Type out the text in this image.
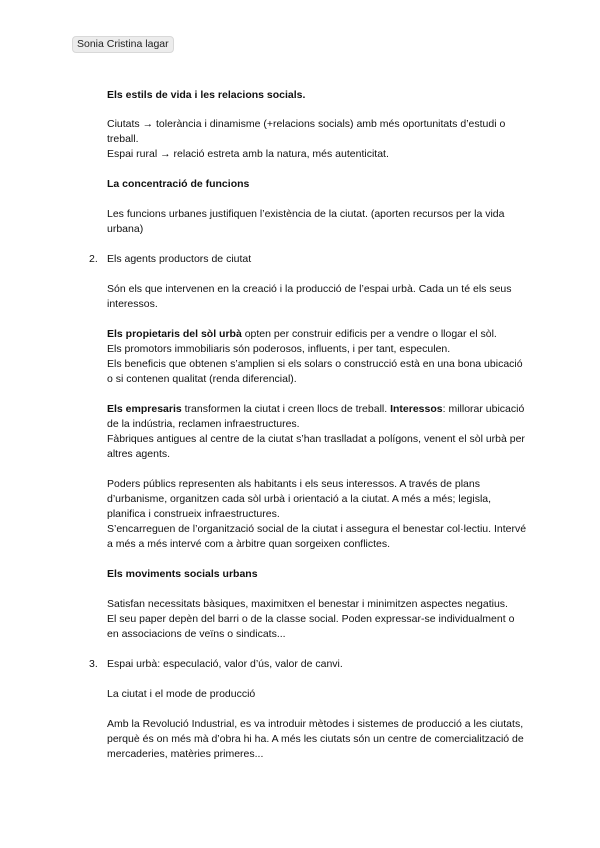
Sonia Cristina lagar

Els estils de vida i les relacions socials.

Ciutats → tolerància i dinamisme (+relacions socials) amb més oportunitats d’estudi o treball.

Espai rural → relació estreta amb la natura, més autenticitat.

La concentració de funcions

Les funcions urbanes justifiquen l’existència de la ciutat. (aporten recursos per la vida urbana)

2. Els agents productors de ciutat

Són els que intervenen en la creació i la producció de l’espai urbà. Cada un té els seus interessos.

Els propietaris del sòl urbà opten per construir edificis per a vendre o llogar el sòl.

Els promotors immobiliaris són poderosos, influents, i per tant, especulen.

Els beneficis que obtenen s’amplien si els solars o construcció està en una bona ubicació o si contenen qualitat (renda diferencial).

Els empresaris transformen la ciutat i creen llocs de treball. Interessos: millorar ubicació de la indústria, reclamen infraestructures.

Fàbriques antigues al centre de la ciutat s’han traslladat a polígons, venent el sòl urbà per altres agents.

Poders públics representen als habitants i els seus interessos. A través de plans d’urbanisme, organitzen cada sòl urbà i orientació a la ciutat. A més a més; legisla, planifica i construeix infraestructures.

S’encarreguen de l’organització social de la ciutat i assegura el benestar col·lectiu. Intervé a més a més intervé com a àrbitre quan sorgeixen conflictes.

Els moviments socials urbans

Satisfan necessitats bàsiques, maximitxen el benestar i minimitzen aspectes negatius.

El seu paper depèn del barri o de la classe social. Poden expressar-se individualment o en associacions de veïns o sindicats...

3. Espai urbà: especulació, valor d’ús, valor de canvi.

La ciutat i el mode de producció

Amb la Revolució Industrial, es va introduir mètodes i sistemes de producció a les ciutats, perquè és on més mà d’obra hi ha. A més les ciutats són un centre de comercialització de mercaderies, matèries primeres...
